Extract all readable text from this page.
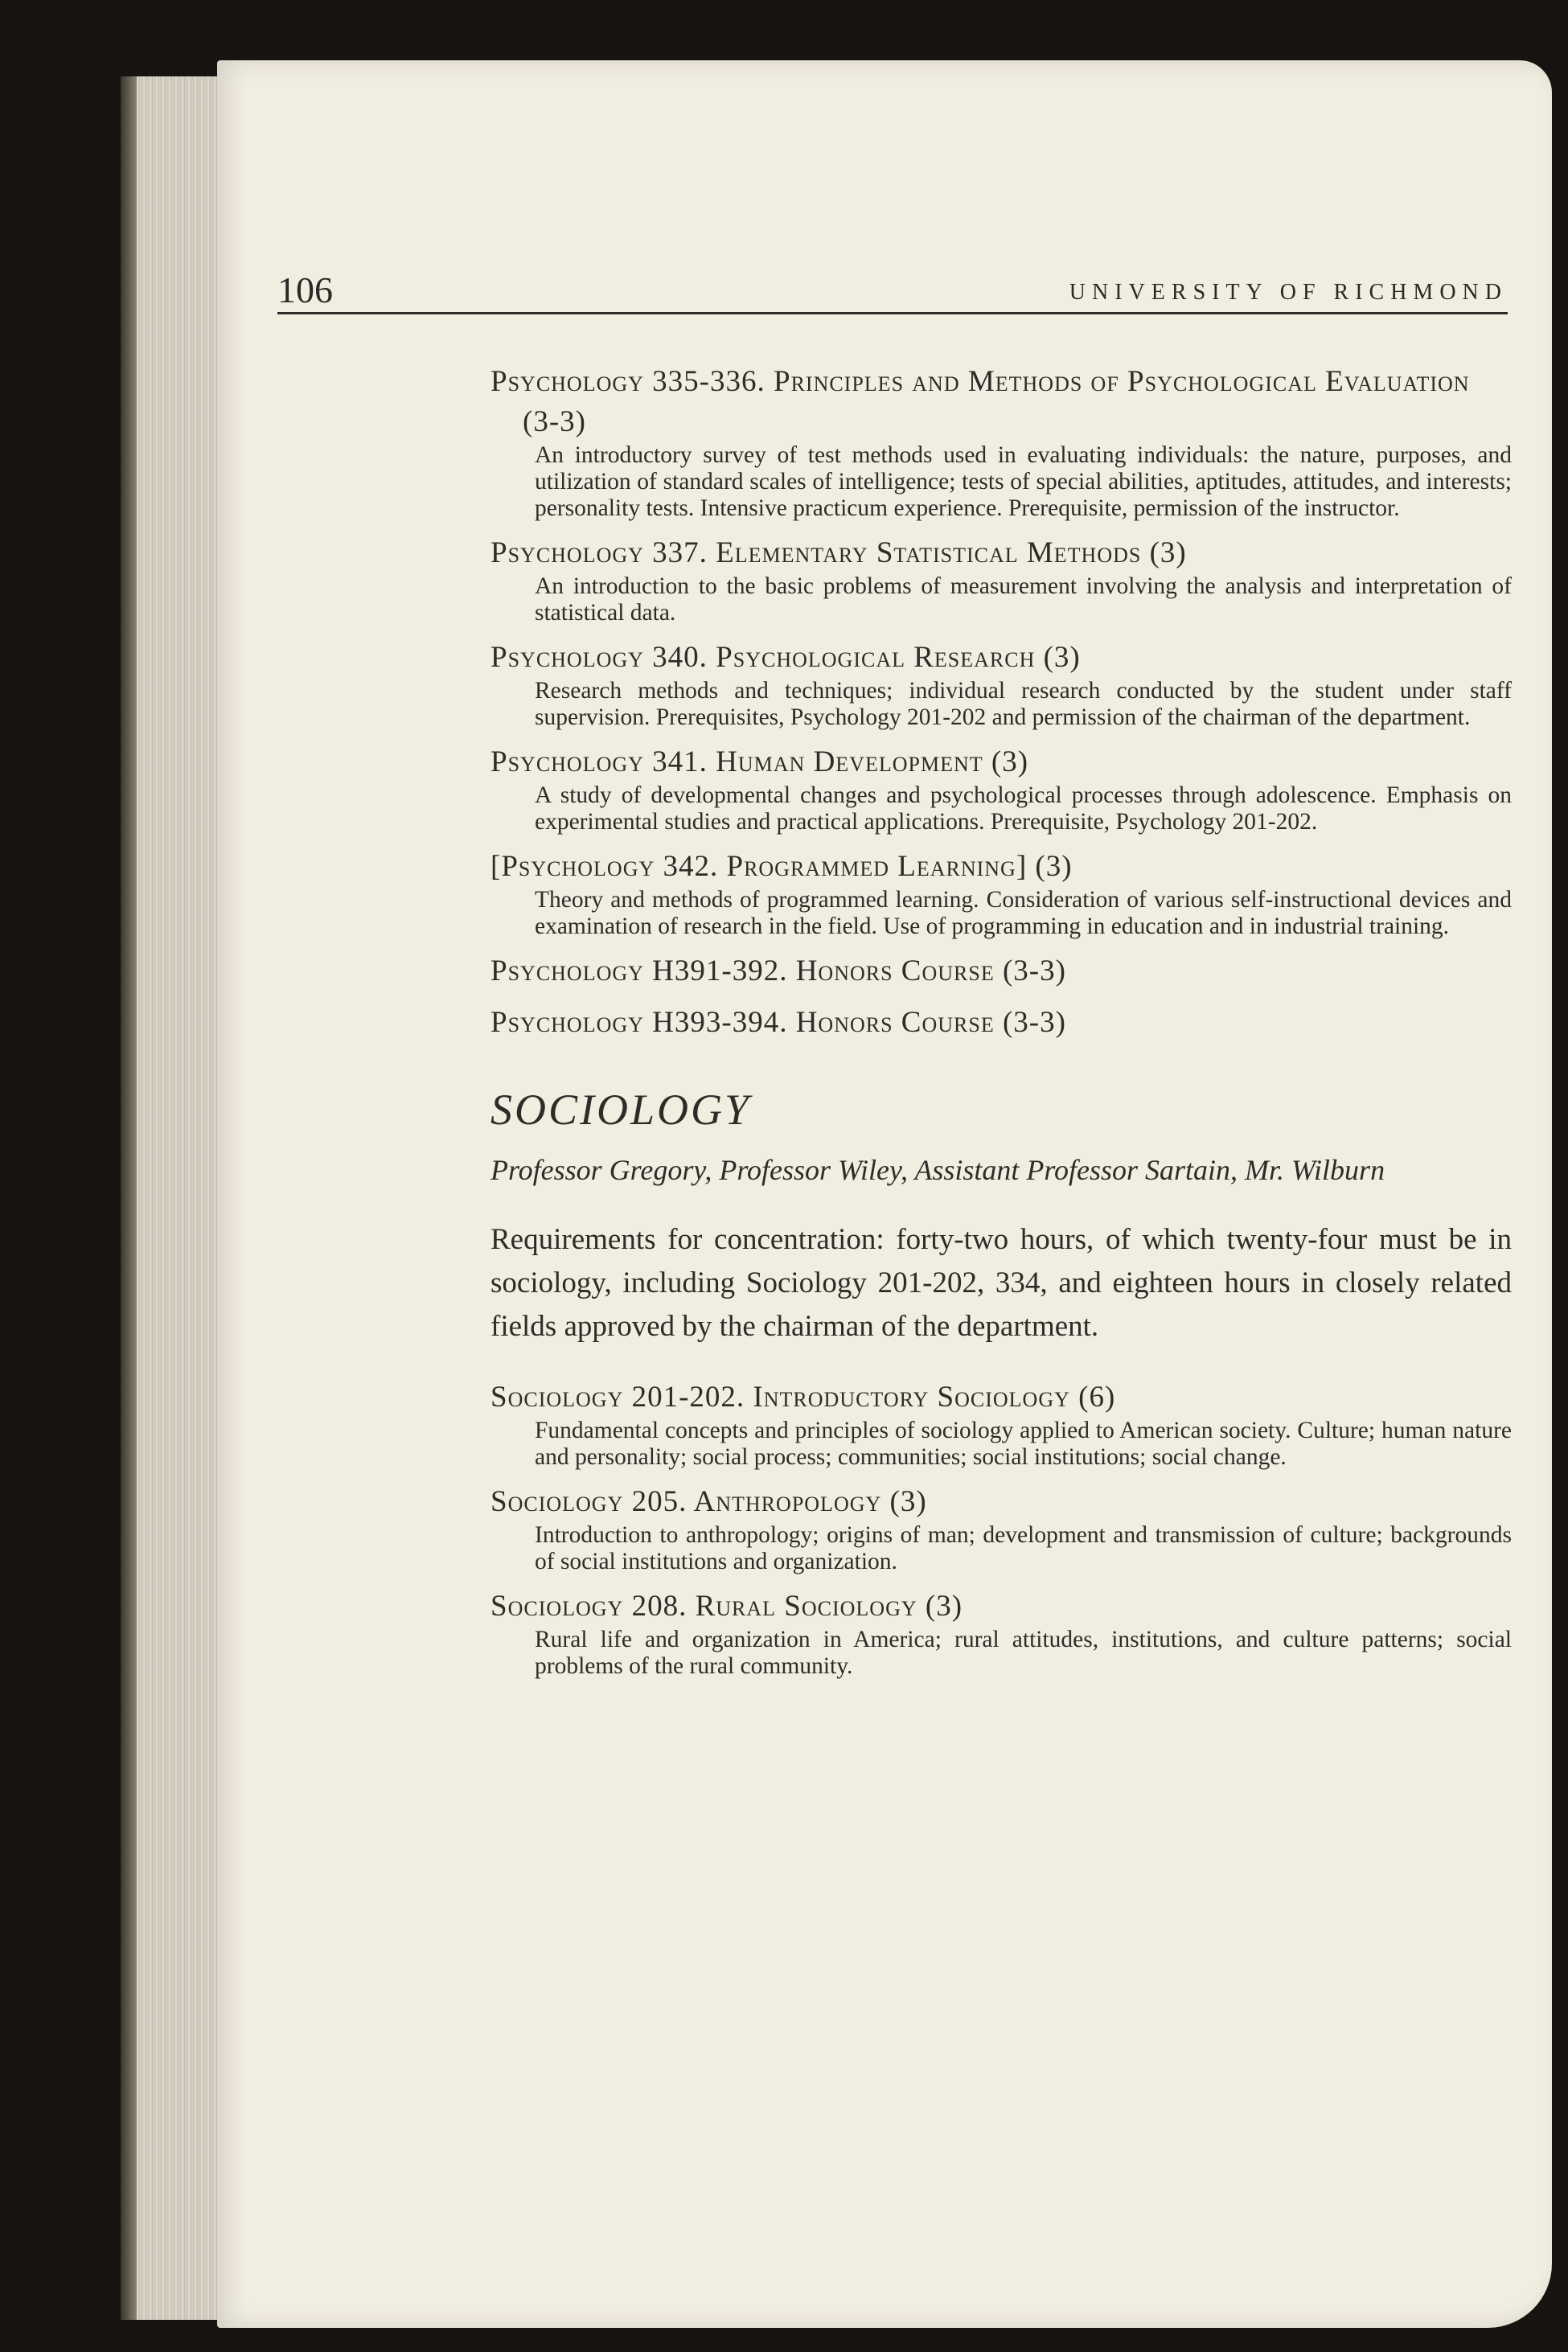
106	UNIVERSITY OF RICHMOND
Psychology 335-336. Principles and Methods of Psychological Evaluation (3-3)
An introductory survey of test methods used in evaluating individuals: the nature, purposes, and utilization of standard scales of intelligence; tests of special abilities, aptitudes, attitudes, and interests; personality tests. Intensive practicum experience. Prerequisite, permission of the instructor.
Psychology 337. Elementary Statistical Methods (3)
An introduction to the basic problems of measurement involving the analysis and interpretation of statistical data.
Psychology 340. Psychological Research (3)
Research methods and techniques; individual research conducted by the student under staff supervision. Prerequisites, Psychology 201-202 and permission of the chairman of the department.
Psychology 341. Human Development (3)
A study of developmental changes and psychological processes through adolescence. Emphasis on experimental studies and practical applications. Prerequisite, Psychology 201-202.
[Psychology 342. Programmed Learning] (3)
Theory and methods of programmed learning. Consideration of various self-instructional devices and examination of research in the field. Use of programming in education and in industrial training.
Psychology H391-392. Honors Course (3-3)
Psychology H393-394. Honors Course (3-3)
SOCIOLOGY
Professor Gregory, Professor Wiley, Assistant Professor Sartain, Mr. Wilburn
Requirements for concentration: forty-two hours, of which twenty-four must be in sociology, including Sociology 201-202, 334, and eighteen hours in closely related fields approved by the chairman of the department.
Sociology 201-202. Introductory Sociology (6)
Fundamental concepts and principles of sociology applied to American society. Culture; human nature and personality; social process; communities; social institutions; social change.
Sociology 205. Anthropology (3)
Introduction to anthropology; origins of man; development and transmission of culture; backgrounds of social institutions and organization.
Sociology 208. Rural Sociology (3)
Rural life and organization in America; rural attitudes, institutions, and culture patterns; social problems of the rural community.
